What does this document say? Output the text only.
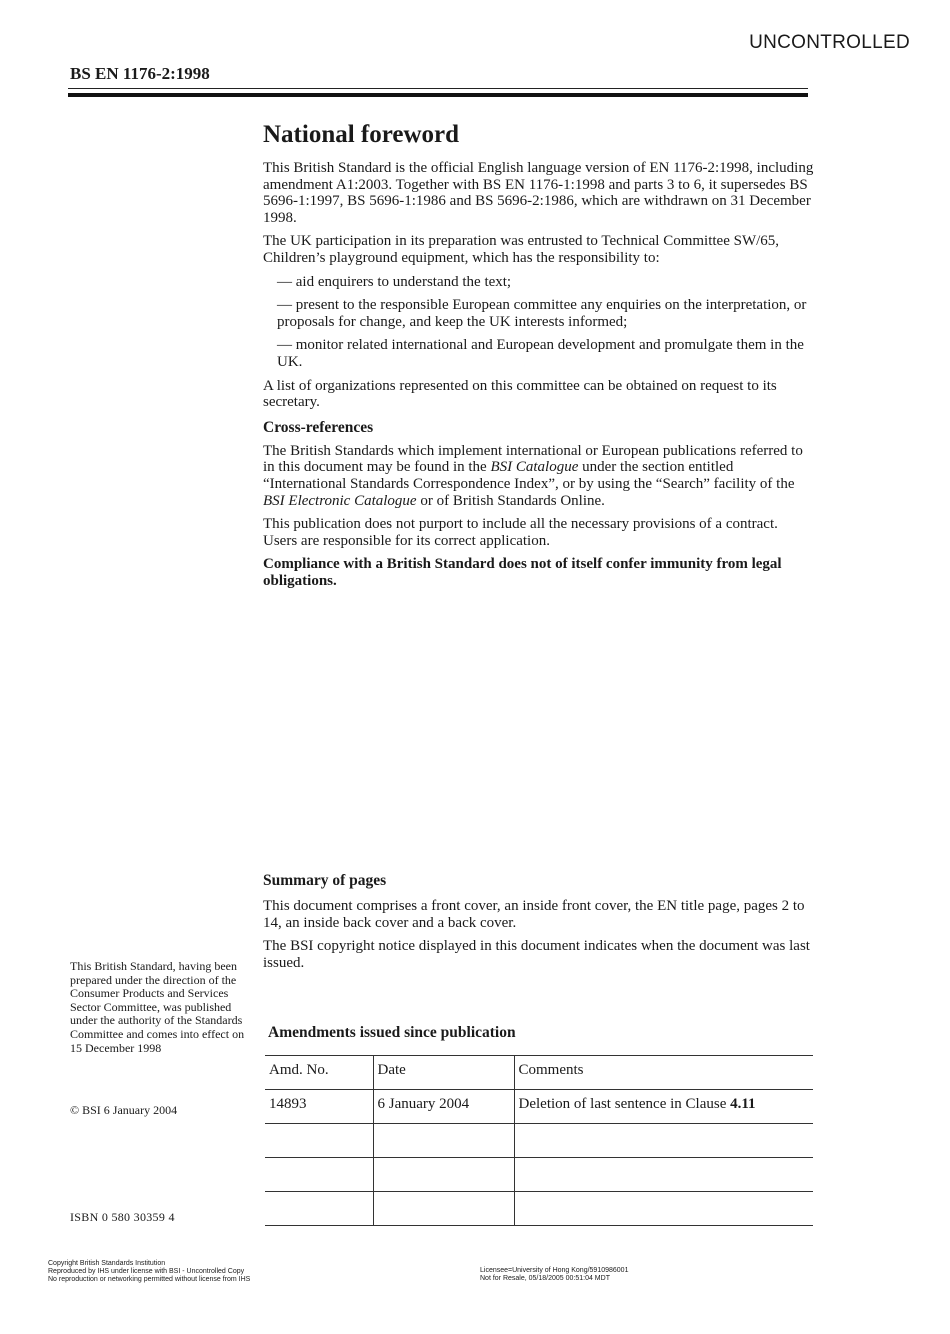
UNCONTROLLED
BS EN 1176-2:1998
National foreword

This British Standard is the official English language version of EN 1176-2:1998, including amendment A1:2003. Together with BS EN 1176-1:1998 and parts 3 to 6, it supersedes BS 5696-1:1997, BS 5696-1:1986 and BS 5696-2:1986, which are withdrawn on 31 December 1998.

The UK participation in its preparation was entrusted to Technical Committee SW/65, Children’s playground equipment, which has the responsibility to:

— aid enquirers to understand the text;

— present to the responsible European committee any enquiries on the interpretation, or proposals for change, and keep the UK interests informed;

— monitor related international and European development and promulgate them in the UK.

A list of organizations represented on this committee can be obtained on request to its secretary.

Cross-references

The British Standards which implement international or European publications referred to in this document may be found in the BSI Catalogue under the section entitled “International Standards Correspondence Index”, or by using the “Search” facility of the BSI Electronic Catalogue or of British Standards Online.

This publication does not purport to include all the necessary provisions of a contract. Users are responsible for its correct application.

Compliance with a British Standard does not of itself confer immunity from legal obligations.

Summary of pages

This document comprises a front cover, an inside front cover, the EN title page, pages 2 to 14, an inside back cover and a back cover.

The BSI copyright notice displayed in this document indicates when the document was last issued.

This British Standard, having been prepared under the direction of the Consumer Products and Services Sector Committee, was published under the authority of the Standards Committee and comes into effect on 15 December 1998
© BSI 6 January 2004
ISBN 0 580 30359 4
Amendments issued since publication
Amd. No.	Date	Comments
14893	6 January 2004	Deletion of last sentence in Clause 4.11

Copyright British Standards Institution
Reproduced by IHS under license with BSI - Uncontrolled Copy
No reproduction or networking permitted without license from IHS
Licensee=University of Hong Kong/5910986001
Not for Resale, 05/18/2005 00:51:04 MDT
